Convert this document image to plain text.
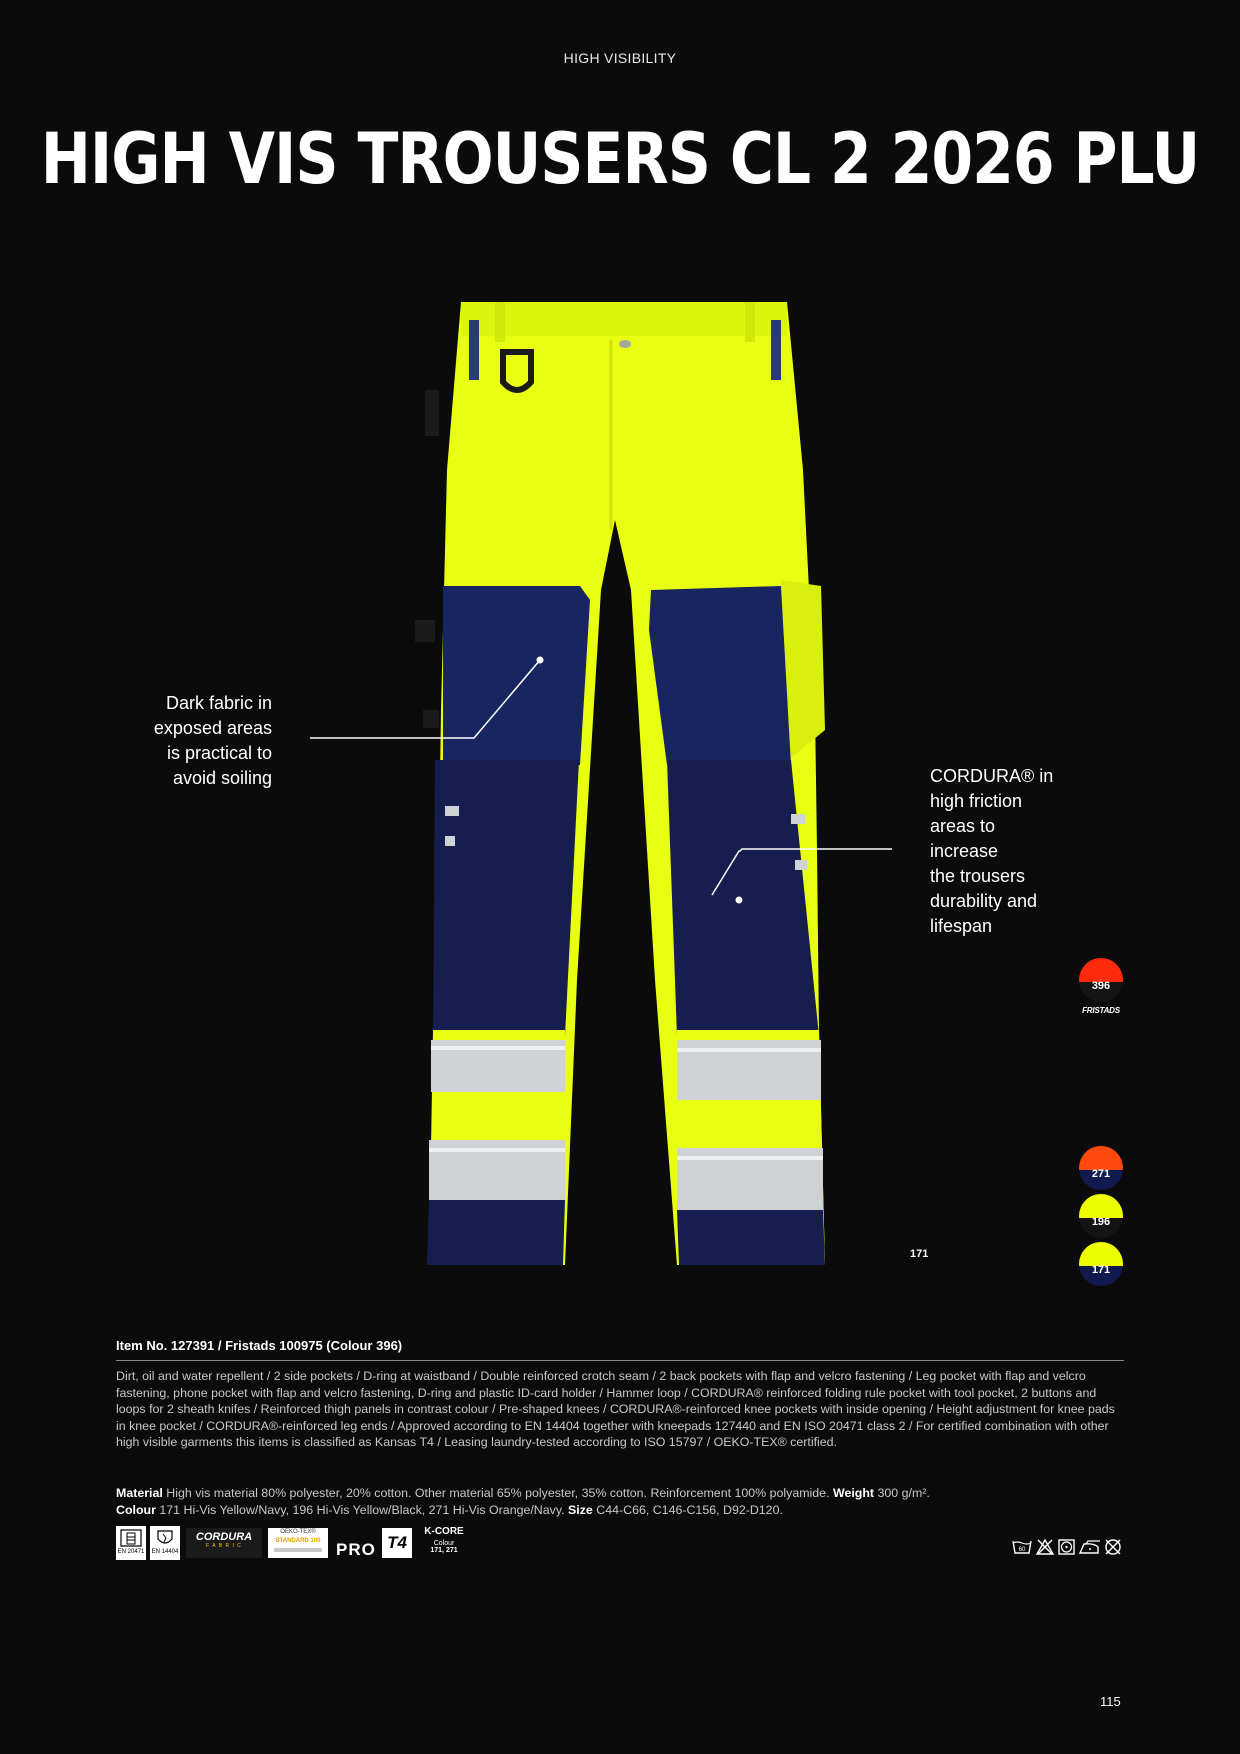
HIGH VISIBILITY
HIGH VIS TROUSERS CL 2 2026 PLU
Dark fabric in
exposed areas
is practical to
avoid soiling	CORDURA® in
high friction
areas to
increase
the trousers
durability and
lifespan
396
FRISTADS
271
196
171
171
Item No. 127391 / Fristads 100975 (Colour 396)
Dirt, oil and water repellent / 2 side pockets / D-ring at waistband / Double reinforced crotch seam / 2 back pockets with flap and velcro fastening / Leg pocket with flap and velcro fastening, phone pocket with flap and velcro fastening, D-ring and plastic ID-card holder / Hammer loop / CORDURA® reinforced folding rule pocket with tool pocket, 2 buttons and loops for 2 sheath knifes / Reinforced thigh panels in contrast colour / Pre-shaped knees / CORDURA®-reinforced knee pockets with inside opening / Height adjustment for knee pads in knee pocket / CORDURA®-reinforced leg ends / Approved according to EN 14404 together with kneepads 127440 and EN ISO 20471 class 2 / For certified combination with other high visible garments this items is classified as Kansas T4 / Leasing laundry-tested according to ISO 15797 / OEKO-TEX® certified.
Material High vis material 80% polyester, 20% cotton. Other material 65% polyester, 35% cotton. Reinforcement 100% polyamide. Weight 300 g/m².
Colour 171 Hi-Vis Yellow/Navy, 196 Hi-Vis Yellow/Black, 271 Hi-Vis Orange/Navy. Size C44-C66, C146-C156, D92-D120.
EN 20471 EN 14404
CORDURA
F A B R I C
OEKO-TEX®
STANDARD 100 PRO T4
K-CORE
Colour
171, 271	60
115
